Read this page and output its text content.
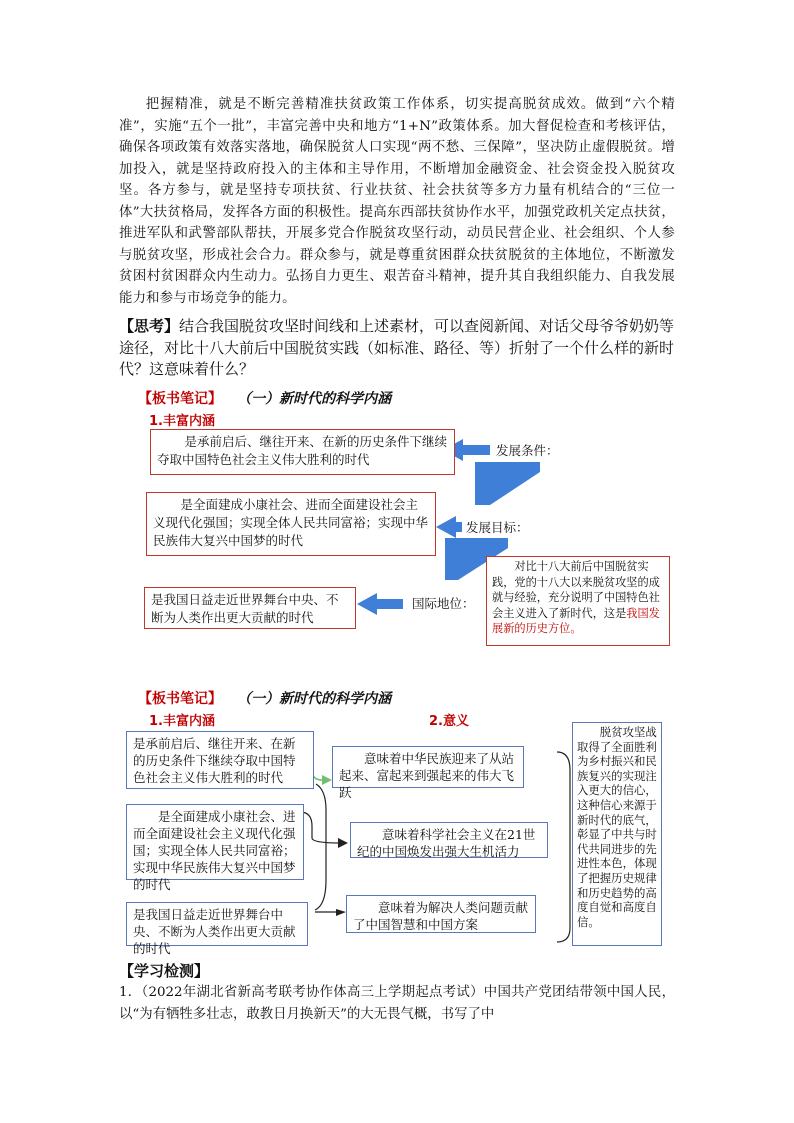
把握精准，就是不断完善精准扶贫政策工作体系，切实提高脱贫成效。做到“六个精准”，实施“五个一批”，丰富完善中央和地方“1+N”政策体系。加大督促检查和考核评估，确保各项政策有效落实落地，确保脱贫人口实现“两不愁、三保障”，坚决防止虚假脱贫。增加投入，就是坚持政府投入的主体和主导作用，不断增加金融资金、社会资金投入脱贫攻坚。各方参与，就是坚持专项扶贫、行业扶贫、社会扶贫等多方力量有机结合的“三位一体”大扶贫格局，发挥各方面的积极性。提高东西部扶贫协作水平，加强党政机关定点扶贫，推进军队和武警部队帮扶，开展多党合作脱贫攻坚行动，动员民营企业、社会组织、个人参与脱贫攻坚，形成社会合力。群众参与，就是尊重贫困群众扶贫脱贫的主体地位，不断激发贫困村贫困群众内生动力。弘扬自力更生、艰苦奋斗精神，提升其自我组织能力、自我发展能力和参与市场竞争的能力。
【思考】结合我国脱贫攻坚时间线和上述素材，可以查阅新闻、对话父母爷爷奶奶等途径，对比十八大前后中国脱贫实践（如标准、路径、等）折射了一个什么样的新时代？这意味着什么？
【板书笔记】 （一）新时代的科学内涵
1.丰富内涵
是承前启后、继往开来、在新的历史条件下继续夺取中国特色社会主义伟大胜利的时代
发展条件：
是全面建成小康社会、进而全面建设社会主义现代化强国；实现全体人民共同富裕；实现中华民族伟大复兴中国梦的时代
发展目标：
是我国日益走近世界舞台中央、不断为人类作出更大贡献的时代
国际地位：
对比十八大前后中国脱贫实践，党的十八大以来脱贫攻坚的成就与经验，充分说明了中国特色社会主义进入了新时代，这是我国发展新的历史方位。
【板书笔记】 （一）新时代的科学内涵
1.丰富内涵	2.意义
是承前启后、继往开来、在新的历史条件下继续夺取中国特色社会主义伟大胜利的时代
是全面建成小康社会、进而全面建设社会主义现代化强国；实现全体人民共同富裕；实现中华民族伟大复兴中国梦的时代
是我国日益走近世界舞台中央、不断为人类作出更大贡献的时代
意味着中华民族迎来了从站起来、富起来到强起来的伟大飞跃
意味着科学社会主义在21世纪的中国焕发出强大生机活力
意味着为解决人类问题贡献了中国智慧和中国方案
脱贫攻坚战取得了全面胜利为乡村振兴和民族复兴的实现注入更大的信心，这种信心来源于新时代的底气，彰显了中共与时代共同进步的先进性本色，体现了把握历史规律和历史趋势的高度自觉和高度自信。
【学习检测】
1．（2022年湖北省新高考联考协作体高三上学期起点考试）中国共产党团结带领中国人民，以“为有牺牲多壮志，敢教日月换新天”的大无畏气概，书写了中
